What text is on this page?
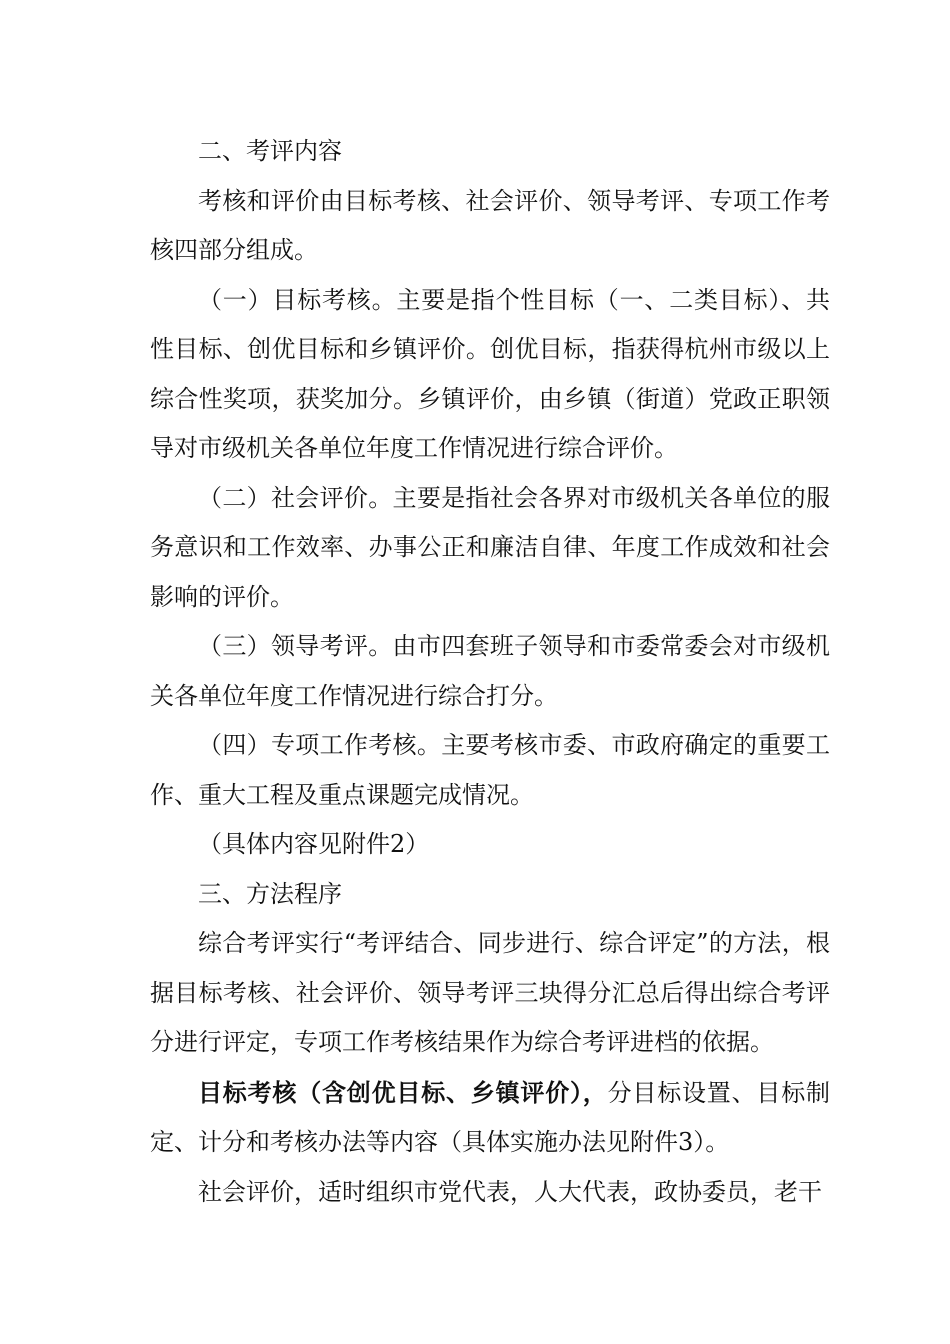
二、考评内容

考核和评价由目标考核、社会评价、领导考评、专项工作考核四部分组成。

（一）目标考核。主要是指个性目标（一、二类目标）、共性目标、创优目标和乡镇评价。创优目标，指获得杭州市级以上综合性奖项，获奖加分。乡镇评价，由乡镇（街道）党政正职领导对市级机关各单位年度工作情况进行综合评价。

（二）社会评价。主要是指社会各界对市级机关各单位的服务意识和工作效率、办事公正和廉洁自律、年度工作成效和社会影响的评价。

（三）领导考评。由市四套班子领导和市委常委会对市级机关各单位年度工作情况进行综合打分。

（四）专项工作考核。主要考核市委、市政府确定的重要工作、重大工程及重点课题完成情况。

（具体内容见附件2）

三、方法程序

综合考评实行“考评结合、同步进行、综合评定”的方法，根据目标考核、社会评价、领导考评三块得分汇总后得出综合考评分进行评定，专项工作考核结果作为综合考评进档的依据。

目标考核（含创优目标、乡镇评价），分目标设置、目标制定、计分和考核办法等内容（具体实施办法见附件3）。

社会评价，适时组织市党代表，人大代表，政协委员，老干
